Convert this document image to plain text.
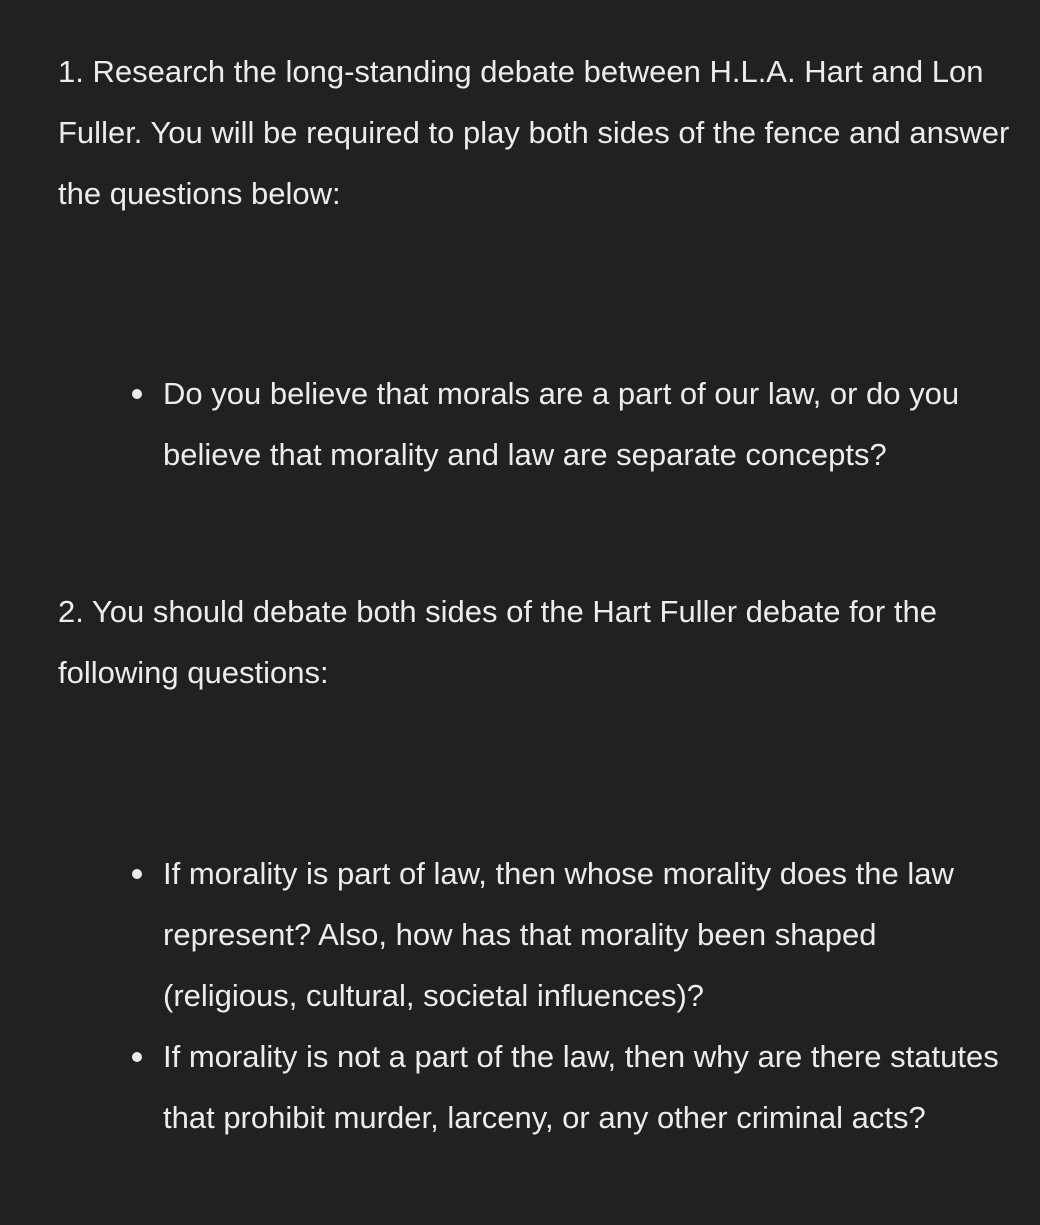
1. Research the long-standing debate between H.L.A. Hart and Lon Fuller. You will be required to play both sides of the fence and answer the questions below:

Do you believe that morals are a part of our law, or do you believe that morality and law are separate concepts?

2. You should debate both sides of the Hart Fuller debate for the following questions:

If morality is part of law, then whose morality does the law represent? Also, how has that morality been shaped (religious, cultural, societal influences)?
If morality is not a part of the law, then why are there statutes that prohibit murder, larceny, or any other criminal acts?
